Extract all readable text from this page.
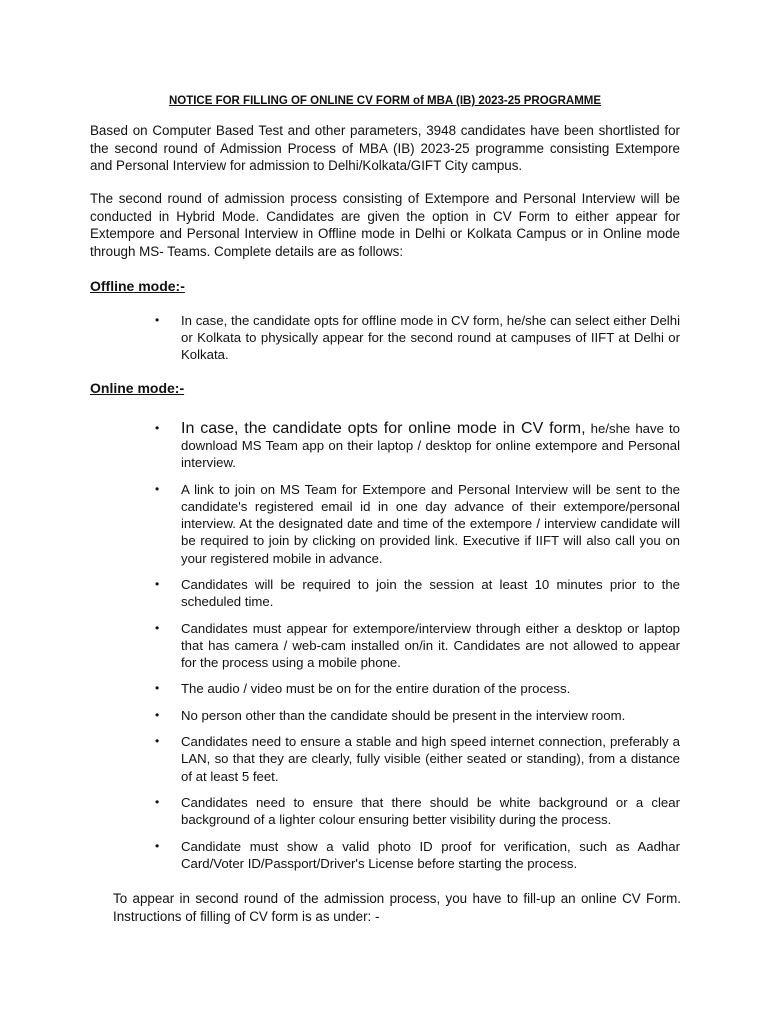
NOTICE FOR FILLING OF ONLINE CV FORM of MBA (IB) 2023-25 PROGRAMME
Based on Computer Based Test and other parameters, 3948 candidates have been shortlisted for the second round of Admission Process of MBA (IB) 2023-25 programme consisting Extempore and Personal Interview for admission to Delhi/Kolkata/GIFT City campus.
The second round of admission process consisting of Extempore and Personal Interview will be conducted in Hybrid Mode. Candidates are given the option in CV Form to either appear for Extempore and Personal Interview in Offline mode in Delhi or Kolkata Campus or in Online mode through MS- Teams. Complete details are as follows:
Offline mode:-
• In case, the candidate opts for offline mode in CV form, he/she can select either Delhi or Kolkata to physically appear for the second round at campuses of IIFT at Delhi or Kolkata.
Online mode:-
• In case, the candidate opts for online mode in CV form, he/she have to download MS Team app on their laptop / desktop for online extempore and Personal interview.
• A link to join on MS Team for Extempore and Personal Interview will be sent to the candidate's registered email id in one day advance of their extempore/personal interview. At the designated date and time of the extempore / interview candidate will be required to join by clicking on provided link. Executive if IIFT will also call you on your registered mobile in advance.
• Candidates will be required to join the session at least 10 minutes prior to the scheduled time.
• Candidates must appear for extempore/interview through either a desktop or laptop that has camera / web-cam installed on/in it. Candidates are not allowed to appear for the process using a mobile phone.
• The audio / video must be on for the entire duration of the process.
• No person other than the candidate should be present in the interview room.
• Candidates need to ensure a stable and high speed internet connection, preferably a LAN, so that they are clearly, fully visible (either seated or standing), from a distance of at least 5 feet.
• Candidates need to ensure that there should be white background or a clear background of a lighter colour ensuring better visibility during the process.
• Candidate must show a valid photo ID proof for verification, such as Aadhar Card/Voter ID/Passport/Driver's License before starting the process.
To appear in second round of the admission process, you have to fill-up an online CV Form. Instructions of filling of CV form is as under: -
